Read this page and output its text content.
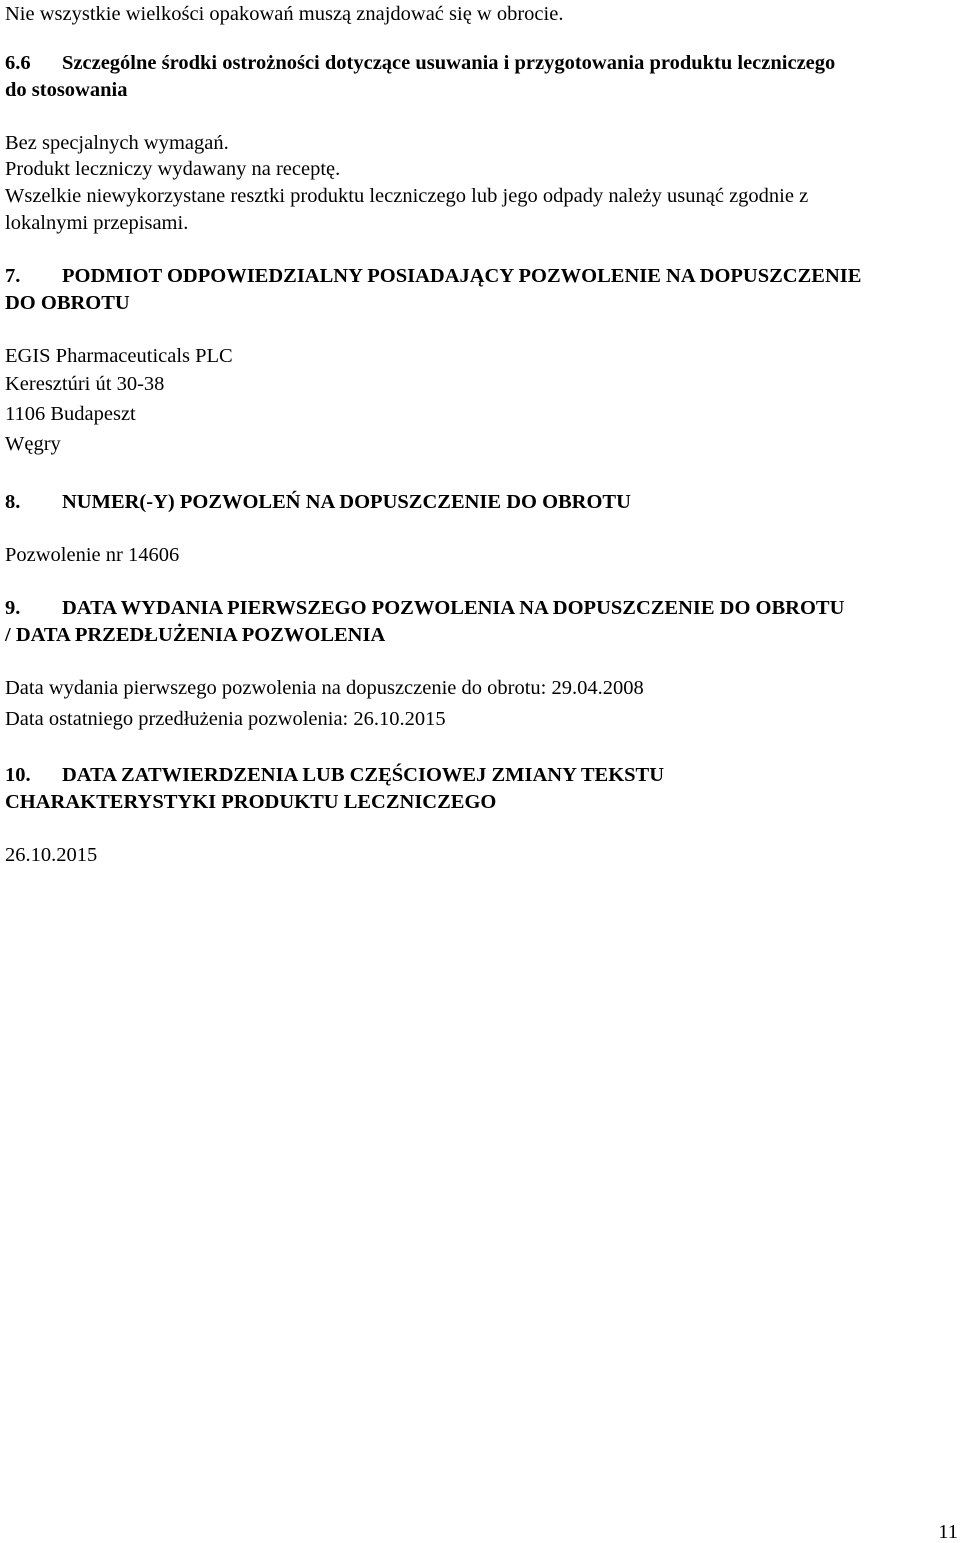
Nie wszystkie wielkości opakowań muszą znajdować się w obrocie.
6.6 Szczególne środki ostrożności dotyczące usuwania i przygotowania produktu leczniczego
do stosowania
Bez specjalnych wymagań.
Produkt leczniczy wydawany na receptę.
Wszelkie niewykorzystane resztki produktu leczniczego lub jego odpady należy usunąć zgodnie z
lokalnymi przepisami.
7. PODMIOT ODPOWIEDZIALNY POSIADAJĄCY POZWOLENIE NA DOPUSZCZENIE
DO OBROTU
EGIS Pharmaceuticals PLC
Keresztúri út 30-38
1106 Budapeszt
Węgry
8. NUMER(-Y) POZWOLEŃ NA DOPUSZCZENIE DO OBROTU
Pozwolenie nr 14606
9. DATA WYDANIA PIERWSZEGO POZWOLENIA NA DOPUSZCZENIE DO OBROTU
/ DATA PRZEDŁUŻENIA POZWOLENIA
Data wydania pierwszego pozwolenia na dopuszczenie do obrotu: 29.04.2008
Data ostatniego przedłużenia pozwolenia: 26.10.2015
10. DATA ZATWIERDZENIA LUB CZĘŚCIOWEJ ZMIANY TEKSTU
CHARAKTERYSTYKI PRODUKTU LECZNICZEGO
26.10.2015
11
